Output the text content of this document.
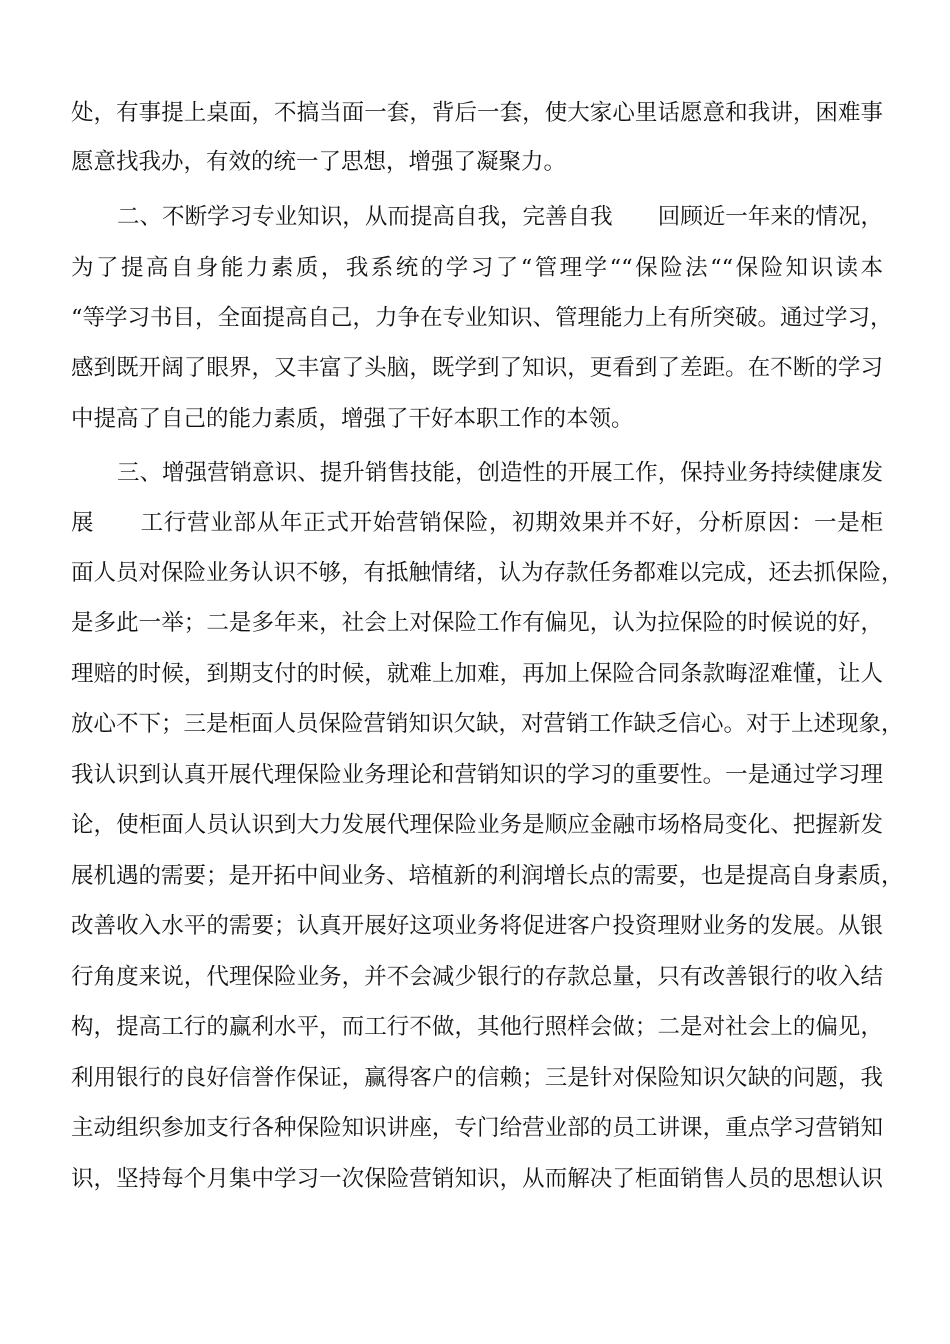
处，有事提上桌面，不搞当面一套，背后一套，使大家心里话愿意和我讲，困难事
愿意找我办，有效的统一了思想，增强了凝聚力。
二、不断学习专业知识，从而提高自我，完善自我　　回顾近一年来的情况，
为了提高自身能力素质，我系统的学习了“管理学““保险法““保险知识读本
“等学习书目，全面提高自己，力争在专业知识、管理能力上有所突破。通过学习，
感到既开阔了眼界，又丰富了头脑，既学到了知识，更看到了差距。在不断的学习
中提高了自己的能力素质，增强了干好本职工作的本领。
三、增强营销意识、提升销售技能，创造性的开展工作，保持业务持续健康发
展　　工行营业部从年正式开始营销保险，初期效果并不好，分析原因：一是柜
面人员对保险业务认识不够，有抵触情绪，认为存款任务都难以完成，还去抓保险，
是多此一举；二是多年来，社会上对保险工作有偏见，认为拉保险的时候说的好，
理赔的时候，到期支付的时候，就难上加难，再加上保险合同条款晦涩难懂，让人
放心不下；三是柜面人员保险营销知识欠缺，对营销工作缺乏信心。对于上述现象，
我认识到认真开展代理保险业务理论和营销知识的学习的重要性。一是通过学习理
论，使柜面人员认识到大力发展代理保险业务是顺应金融市场格局变化、把握新发
展机遇的需要；是开拓中间业务、培植新的利润增长点的需要，也是提高自身素质，
改善收入水平的需要；认真开展好这项业务将促进客户投资理财业务的发展。从银
行角度来说，代理保险业务，并不会减少银行的存款总量，只有改善银行的收入结
构，提高工行的赢利水平，而工行不做，其他行照样会做；二是对社会上的偏见，
利用银行的良好信誉作保证，赢得客户的信赖；三是针对保险知识欠缺的问题，我
主动组织参加支行各种保险知识讲座，专门给营业部的员工讲课，重点学习营销知
识，坚持每个月集中学习一次保险营销知识，从而解决了柜面销售人员的思想认识
